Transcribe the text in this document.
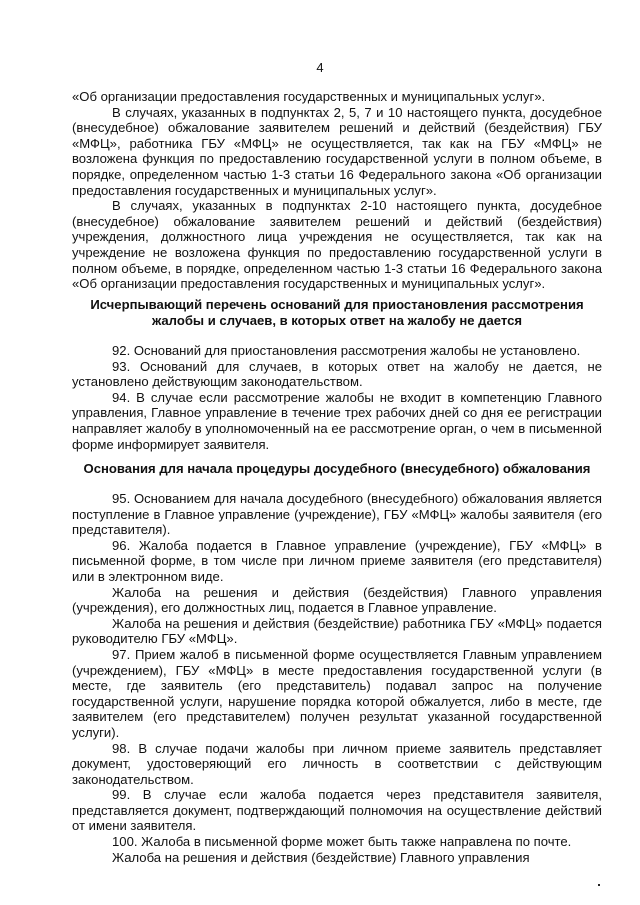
4

«Об организации предоставления государственных и муниципальных услуг».

В случаях, указанных в подпунктах 2, 5, 7 и 10 настоящего пункта, досудебное (внесудебное) обжалование заявителем решений и действий (бездействия) ГБУ «МФЦ», работника ГБУ «МФЦ» не осуществляется, так как на ГБУ «МФЦ» не возложена функция по предоставлению государственной услуги в полном объеме, в порядке, определенном частью 1-3 статьи 16 Федерального закона «Об организации предоставления государственных и муниципальных услуг».

В случаях, указанных в подпунктах 2-10 настоящего пункта, досудебное (внесудебное) обжалование заявителем решений и действий (бездействия) учреждения, должностного лица учреждения не осуществляется, так как на учреждение не возложена функция по предоставлению государственной услуги в полном объеме, в порядке, определенном частью 1-3 статьи 16 Федерального закона «Об организации предоставления государственных и муниципальных услуг».

Исчерпывающий перечень оснований для приостановления рассмотрения жалобы и случаев, в которых ответ на жалобу не дается

92. Оснований для приостановления рассмотрения жалобы не установлено.

93. Оснований для случаев, в которых ответ на жалобу не дается, не установлено действующим законодательством.

94. В случае если рассмотрение жалобы не входит в компетенцию Главного управления, Главное управление в течение трех рабочих дней со дня ее регистрации направляет жалобу в уполномоченный на ее рассмотрение орган, о чем в письменной форме информирует заявителя.

Основания для начала процедуры досудебного (внесудебного) обжалования

95. Основанием для начала досудебного (внесудебного) обжалования является поступление в Главное управление (учреждение), ГБУ «МФЦ» жалобы заявителя (его представителя).

96. Жалоба подается в Главное управление (учреждение), ГБУ «МФЦ» в письменной форме, в том числе при личном приеме заявителя (его представителя) или в электронном виде.

Жалоба на решения и действия (бездействия) Главного управления (учреждения), его должностных лиц, подается в Главное управление.

Жалоба на решения и действия (бездействие) работника ГБУ «МФЦ» подается руководителю ГБУ «МФЦ».

97. Прием жалоб в письменной форме осуществляется Главным управлением (учреждением), ГБУ «МФЦ» в месте предоставления государственной услуги (в месте, где заявитель (его представитель) подавал запрос на получение государственной услуги, нарушение порядка которой обжалуется, либо в месте, где заявителем (его представителем) получен результат указанной государственной услуги).

98. В случае подачи жалобы при личном приеме заявитель представляет документ, удостоверяющий его личность в соответствии с действующим законодательством.

99. В случае если жалоба подается через представителя заявителя, представляется документ, подтверждающий полномочия на осуществление действий от имени заявителя.

100. Жалоба в письменной форме может быть также направлена по почте.

Жалоба на решения и действия (бездействие) Главного управления
